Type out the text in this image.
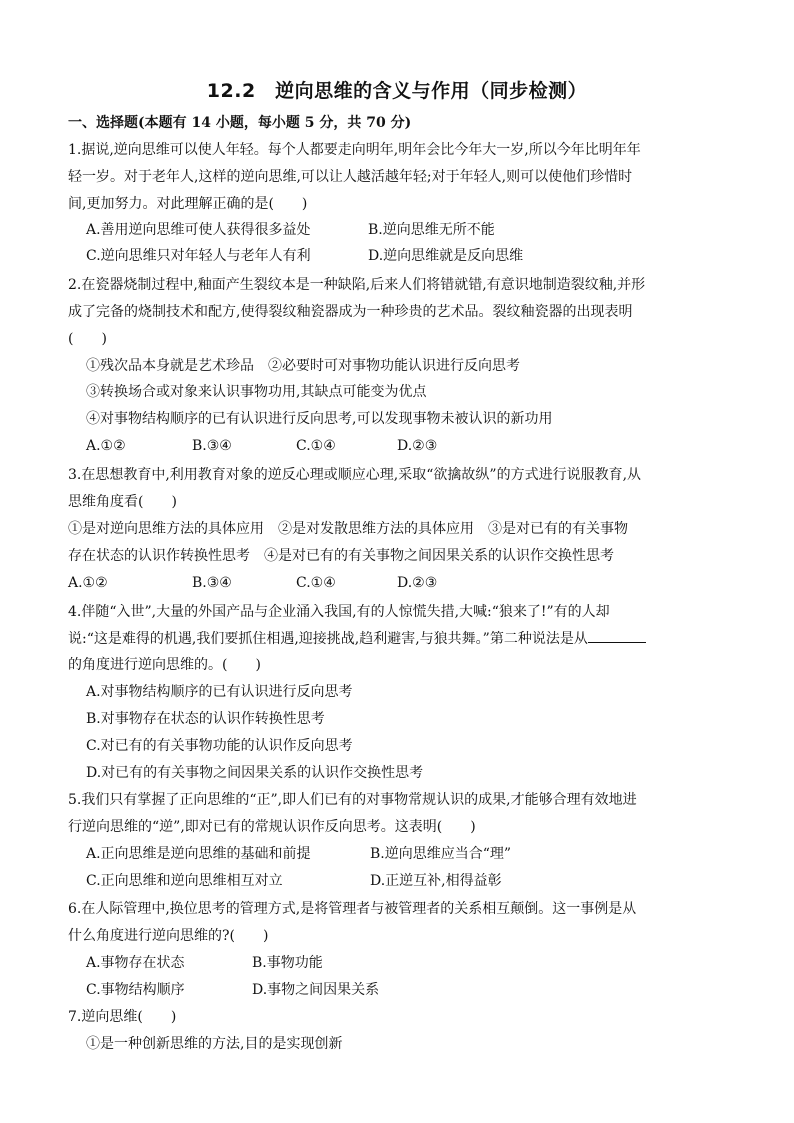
12.2　逆向思维的含义与作用（同步检测）
一、选择题(本题有 14 小题，每小题 5 分，共 70 分)
1.据说,逆向思维可以使人年轻。每个人都要走向明年,明年会比今年大一岁,所以今年比明年年
轻一岁。对于老年人,这样的逆向思维,可以让人越活越年轻;对于年轻人,则可以使他们珍惜时
间,更加努力。对此理解正确的是(　　)
A.善用逆向思维可使人获得很多益处	B.逆向思维无所不能
C.逆向思维只对年轻人与老年人有利	D.逆向思维就是反向思维
2.在瓷器烧制过程中,釉面产生裂纹本是一种缺陷,后来人们将错就错,有意识地制造裂纹釉,并形
成了完备的烧制技术和配方,使得裂纹釉瓷器成为一种珍贵的艺术品。裂纹釉瓷器的出现表明
(　　)
①残次品本身就是艺术珍品　②必要时可对事物功能认识进行反向思考
③转换场合或对象来认识事物功用,其缺点可能变为优点
④对事物结构顺序的已有认识进行反向思考,可以发现事物未被认识的新功用
A.①②	B.③④	C.①④	D.②③
3.在思想教育中,利用教育对象的逆反心理或顺应心理,采取“欲擒故纵”的方式进行说服教育,从
思维角度看(　　)
①是对逆向思维方法的具体应用　②是对发散思维方法的具体应用　③是对已有的有关事物
存在状态的认识作转换性思考　④是对已有的有关事物之间因果关系的认识作交换性思考
A.①②	B.③④	C.①④	D.②③
4.伴随“入世”,大量的外国产品与企业涌入我国,有的人惊慌失措,大喊:“狼来了!”有的人却
说:“这是难得的机遇,我们要抓住相遇,迎接挑战,趋利避害,与狼共舞。”第二种说法是从
的角度进行逆向思维的。(　　)
A.对事物结构顺序的已有认识进行反向思考
B.对事物存在状态的认识作转换性思考
C.对已有的有关事物功能的认识作反向思考
D.对已有的有关事物之间因果关系的认识作交换性思考
5.我们只有掌握了正向思维的“正”,即人们已有的对事物常规认识的成果,才能够合理有效地进
行逆向思维的“逆”,即对已有的常规认识作反向思考。这表明(　　)
A.正向思维是逆向思维的基础和前提	B.逆向思维应当合“理”
C.正向思维和逆向思维相互对立	D.正逆互补,相得益彰
6.在人际管理中,换位思考的管理方式,是将管理者与被管理者的关系相互颠倒。这一事例是从
什么角度进行逆向思维的?(　　)
A.事物存在状态	B.事物功能
C.事物结构顺序	D.事物之间因果关系
7.逆向思维(　　)
①是一种创新思维的方法,目的是实现创新
